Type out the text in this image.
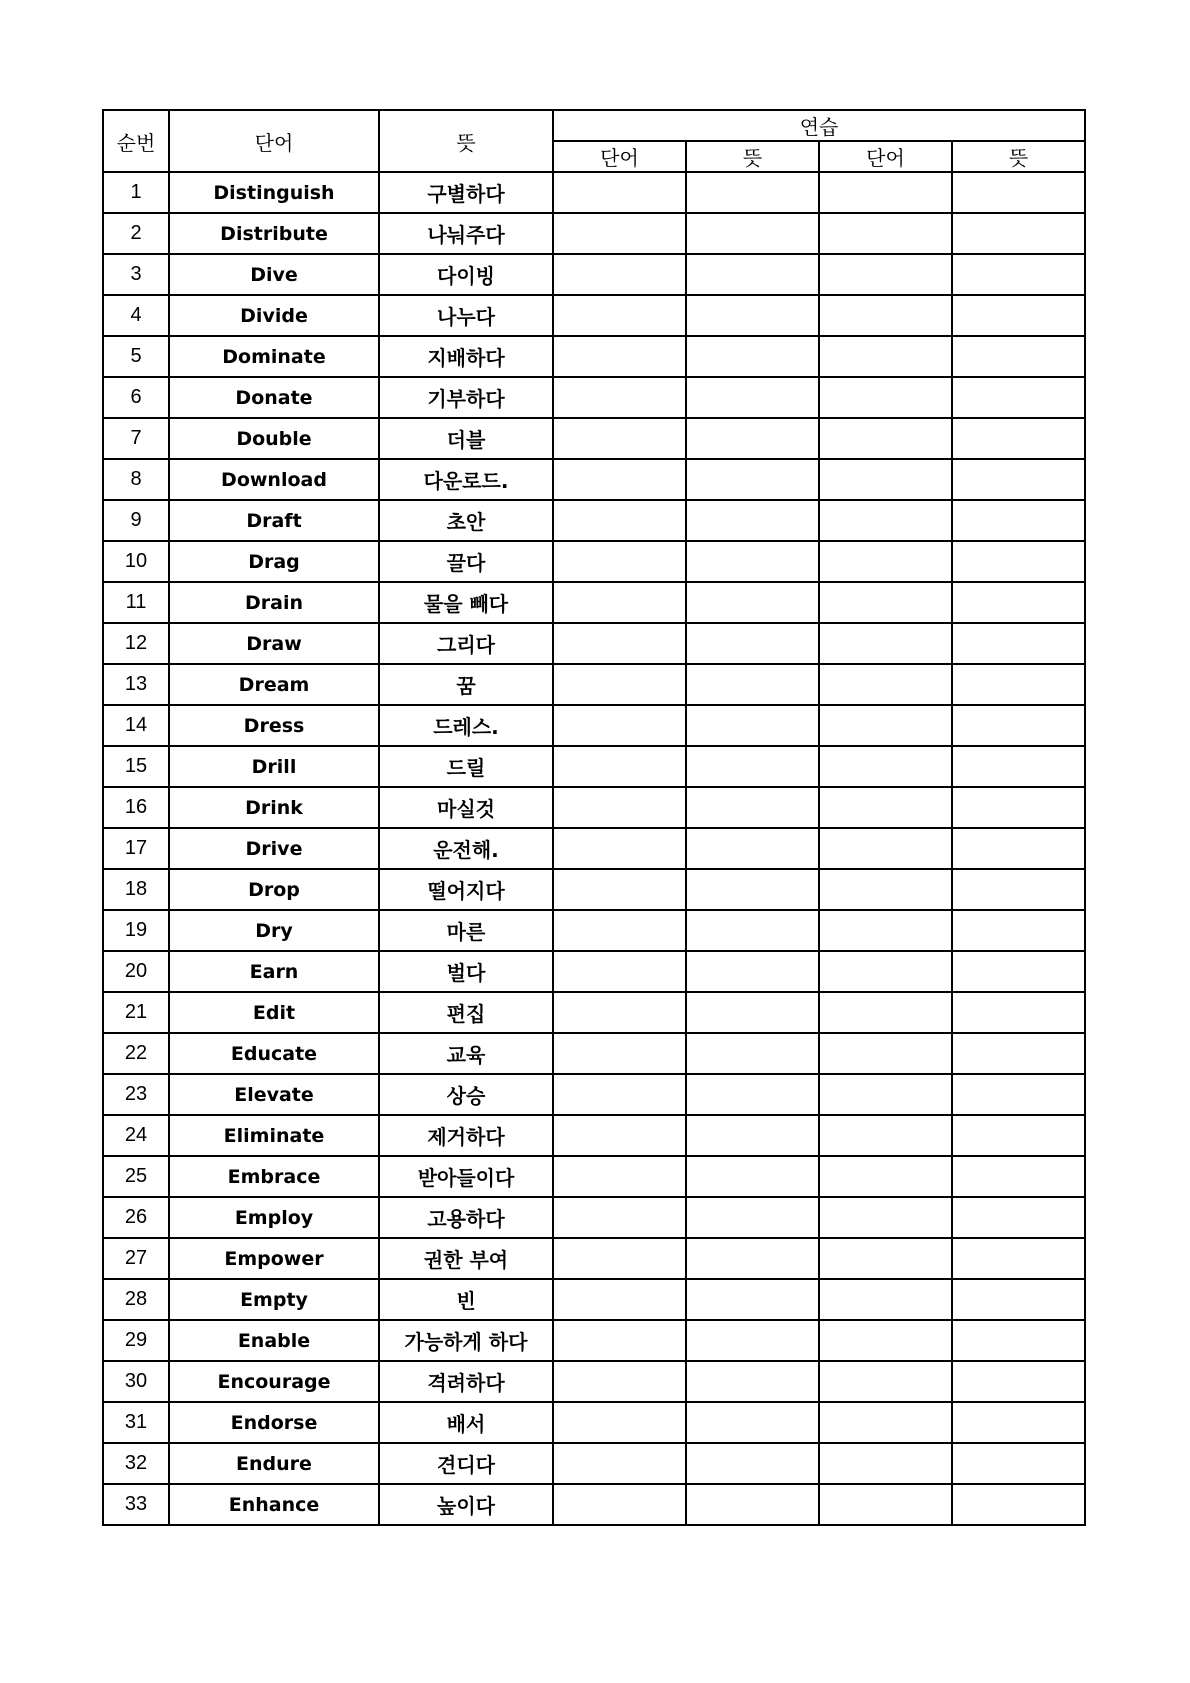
순번	단어	뜻	연습			
			단어	뜻	단어	뜻
1	Distinguish	구별하다				
2	Distribute	나눠주다				
3	Dive	다이빙				
4	Divide	나누다				
5	Dominate	지배하다				
6	Donate	기부하다				
7	Double	더블				
8	Download	다운로드.				
9	Draft	초안				
10	Drag	끌다				
11	Drain	물을 빼다				
12	Draw	그리다				
13	Dream	꿈				
14	Dress	드레스.				
15	Drill	드릴				
16	Drink	마실것				
17	Drive	운전해.				
18	Drop	떨어지다				
19	Dry	마른				
20	Earn	벌다				
21	Edit	편집				
22	Educate	교육				
23	Elevate	상승				
24	Eliminate	제거하다				
25	Embrace	받아들이다				
26	Employ	고용하다				
27	Empower	권한 부여				
28	Empty	빈				
29	Enable	가능하게 하다				
30	Encourage	격려하다				
31	Endorse	배서				
32	Endure	견디다				
33	Enhance	높이다				
